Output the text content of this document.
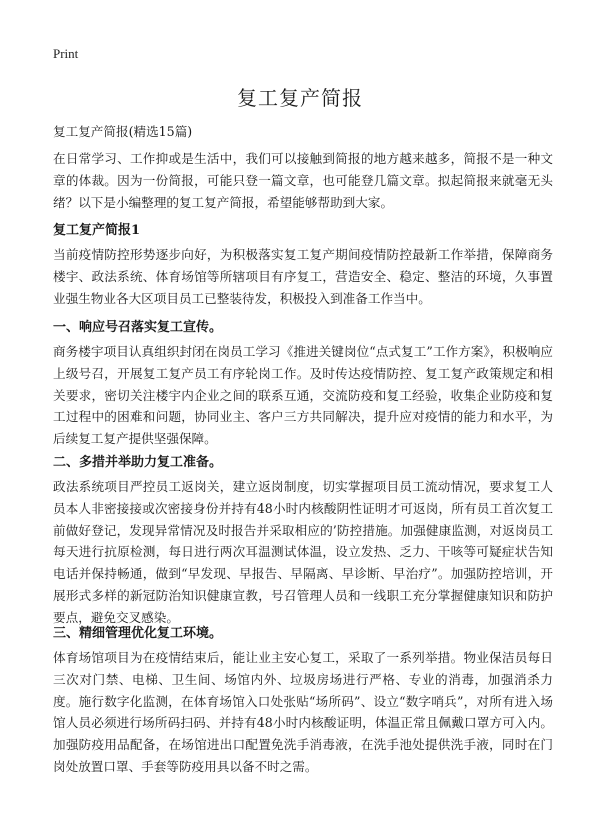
Print
复工复产简报

复工复产简报(精选15篇)

在日常学习、工作抑或是生活中，我们可以接触到简报的地方越来越多，简报不是一种文章的体裁。因为一份简报，可能只登一篇文章，也可能登几篇文章。拟起简报来就毫无头绪？以下是小编整理的复工复产简报，希望能够帮助到大家。

复工复产简报1

当前疫情防控形势逐步向好，为积极落实复工复产期间疫情防控最新工作举措，保障商务楼宇、政法系统、体育场馆等所辖项目有序复工，营造安全、稳定、整洁的环境，久事置业强生物业各大区项目员工已整装待发，积极投入到准备工作当中。

一、响应号召落实复工宣传。

商务楼宇项目认真组织封闭在岗员工学习《推进关键岗位“点式复工”工作方案》，积极响应上级号召，开展复工复产员工有序轮岗工作。及时传达疫情防控、复工复产政策规定和相关要求，密切关注楼宇内企业之间的联系互通，交流防疫和复工经验，收集企业防疫和复工过程中的困难和问题，协同业主、客户三方共同解决，提升应对疫情的能力和水平，为后续复工复产提供坚强保障。

二、多措并举助力复工准备。

政法系统项目严控员工返岗关，建立返岗制度，切实掌握项目员工流动情况，要求复工人员本人非密接接或次密接身份并持有48小时内核酸阴性证明才可返岗，所有员工首次复工前做好登记，发现异常情况及时报告并采取相应的’防控措施。加强健康监测，对返岗员工每天进行抗原检测，每日进行两次耳温测试体温，设立发热、乏力、干咳等可疑症状告知电话并保持畅通，做到“早发现、早报告、早隔离、早诊断、早治疗”。加强防控培训，开展形式多样的新冠防治知识健康宣教，号召管理人员和一线职工充分掌握健康知识和防护要点，避免交叉感染。

三、精细管理优化复工环境。

体育场馆项目为在疫情结束后，能让业主安心复工，采取了一系列举措。物业保洁员每日三次对门禁、电梯、卫生间、场馆内外、垃圾房场进行严格、专业的消毒，加强消杀力度。施行数字化监测，在体育场馆入口处张贴“场所码”、设立“数字哨兵”，对所有进入场馆人员必须进行场所码扫码、并持有48小时内核酸证明，体温正常且佩戴口罩方可入内。加强防疫用品配备，在场馆进出口配置免洗手消毒液，在洗手池处提供洗手液，同时在门岗处放置口罩、手套等防疫用具以备不时之需。
